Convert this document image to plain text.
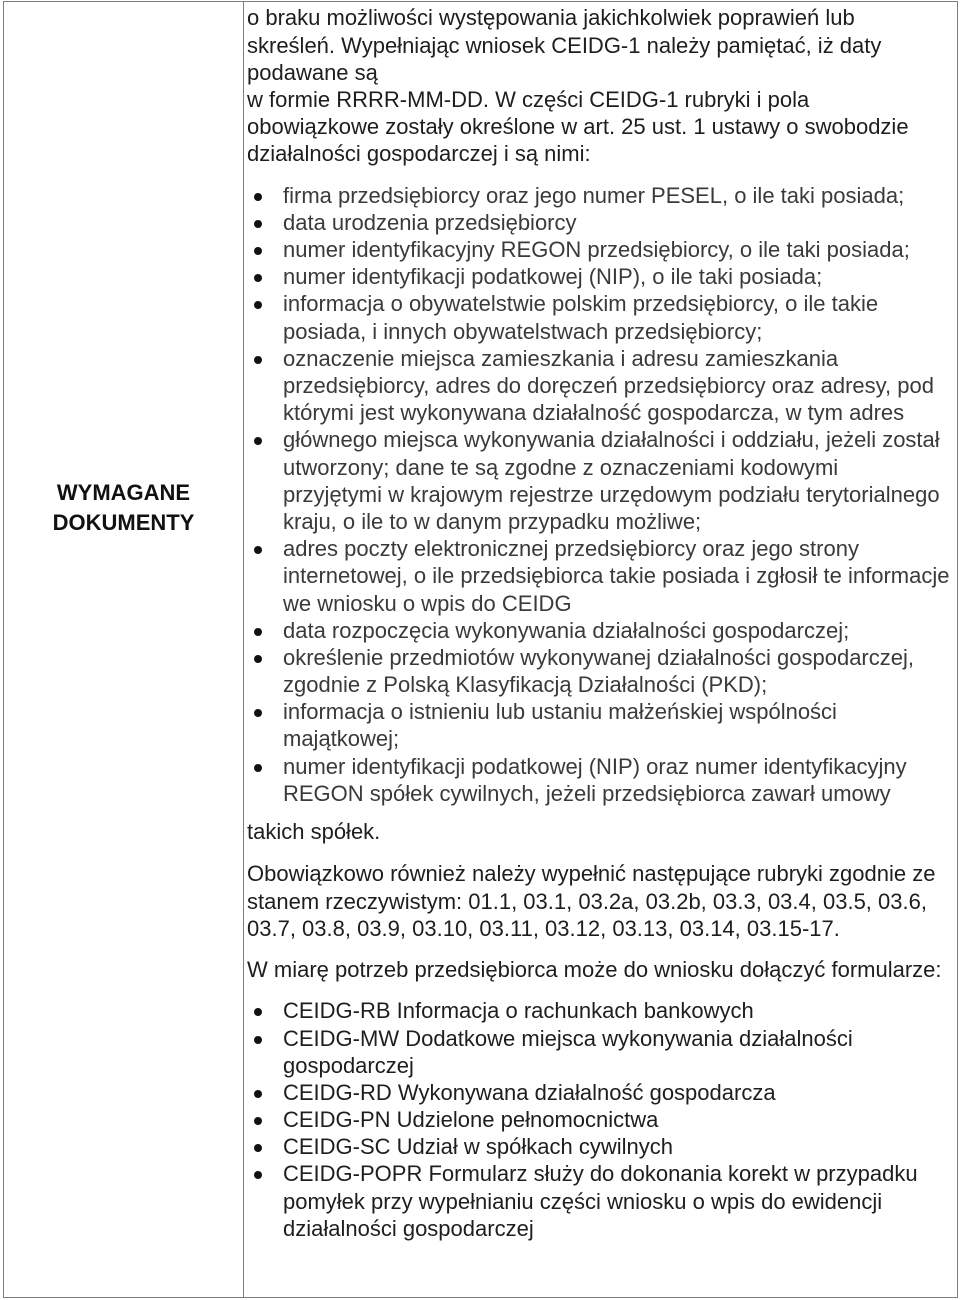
WYMAGANE
DOKUMENTY
o braku możliwości występowania jakichkolwiek poprawień lub
skreśleń. Wypełniając wniosek CEIDG-1 należy pamiętać, iż daty
podawane są
w formie RRRR-MM-DD. W części CEIDG-1 rubryki i pola
obowiązkowe zostały określone w art. 25 ust. 1 ustawy o swobodzie
działalności gospodarczej i są nimi:
firma przedsiębiorcy oraz jego numer PESEL, o ile taki posiada;
data urodzenia przedsiębiorcy
numer identyfikacyjny REGON przedsiębiorcy, o ile taki posiada;
numer identyfikacji podatkowej (NIP), o ile taki posiada;
informacja o obywatelstwie polskim przedsiębiorcy, o ile takie
posiada, i innych obywatelstwach przedsiębiorcy;
oznaczenie miejsca zamieszkania i adresu zamieszkania
przedsiębiorcy, adres do doręczeń przedsiębiorcy oraz adresy, pod
którymi jest wykonywana działalność gospodarcza, w tym adres
głównego miejsca wykonywania działalności i oddziału, jeżeli został
utworzony; dane te są zgodne z oznaczeniami kodowymi
przyjętymi w krajowym rejestrze urzędowym podziału terytorialnego
kraju, o ile to w danym przypadku możliwe;
adres poczty elektronicznej przedsiębiorcy oraz jego strony
internetowej, o ile przedsiębiorca takie posiada i zgłosił te informacje
we wniosku o wpis do CEIDG
data rozpoczęcia wykonywania działalności gospodarczej;
określenie przedmiotów wykonywanej działalności gospodarczej,
zgodnie z Polską Klasyfikacją Działalności (PKD);
informacja o istnieniu lub ustaniu małżeńskiej wspólności
majątkowej;
numer identyfikacji podatkowej (NIP) oraz numer identyfikacyjny
REGON spółek cywilnych, jeżeli przedsiębiorca zawarł umowy
takich spółek.
Obowiązkowo również należy wypełnić następujące rubryki zgodnie ze
stanem rzeczywistym: 01.1, 03.1, 03.2a, 03.2b, 03.3, 03.4, 03.5, 03.6,
03.7, 03.8, 03.9, 03.10, 03.11, 03.12, 03.13, 03.14, 03.15-17.
W miarę potrzeb przedsiębiorca może do wniosku dołączyć formularze:
CEIDG-RB Informacja o rachunkach bankowych
CEIDG-MW Dodatkowe miejsca wykonywania działalności
gospodarczej
CEIDG-RD Wykonywana działalność gospodarcza
CEIDG-PN Udzielone pełnomocnictwa
CEIDG-SC Udział w spółkach cywilnych
CEIDG-POPR Formularz służy do dokonania korekt w przypadku
pomyłek przy wypełnianiu części wniosku o wpis do ewidencji
działalności gospodarczej
